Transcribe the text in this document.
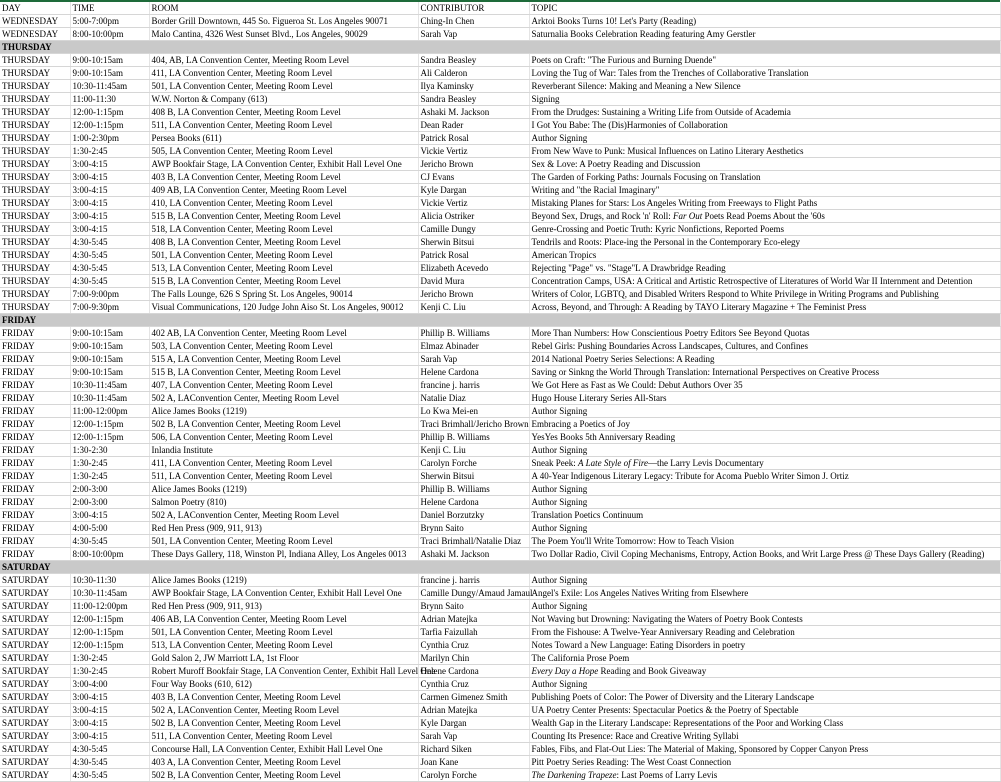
DAY	TIME	ROOM	CONTRIBUTOR	TOPIC
WEDNESDAY	5:00-7:00pm	Border Grill Downtown, 445 So. Figueroa St. Los Angeles 90071	Ching-In Chen	Arktoi Books Turns 10! Let's Party (Reading)
WEDNESDAY	8:00-10:00pm	Malo Cantina, 4326 West Sunset Blvd., Los Angeles, 90029	Sarah Vap	Saturnalia Books Celebration Reading featuring Amy Gerstler
THURSDAY				
THURSDAY	9:00-10:15am	404, AB, LA Convention Center, Meeting Room Level	Sandra Beasley	Poets on Craft: "The Furious and Burning Duende"
THURSDAY	9:00-10:15am	411, LA Convention Center, Meeting Room Level	Ali Calderon	Loving the Tug of War: Tales from the Trenches of Collaborative Translation
THURSDAY	10:30-11:45am	501, LA Convention Center, Meeting Room Level	Ilya Kaminsky	Reverberant Silence: Making and Meaning a New Silence
THURSDAY	11:00-11:30	W.W. Norton & Company (613)	Sandra Beasley	Signing
THURSDAY	12:00-1:15pm	408 B, LA Convention Center, Meeting Room Level	Ashaki M. Jackson	From the Drudges: Sustaining a Writing Life from Outside of Academia
THURSDAY	12:00-1:15pm	511, LA Convention Center, Meeting Room Level	Dean Rader	I Got You Babe: The (Dis)Harmonies of Collaboration
THURSDAY	1:00-2:30pm	Persea Books (611)	Patrick Rosal	Author Signing
THURSDAY	1:30-2:45	505, LA Convention Center, Meeting Room Level	Vickie Vertiz	From New Wave to Punk: Musical Influences on Latino Literary Aesthetics
THURSDAY	3:00-4:15	AWP Bookfair Stage, LA Convention Center, Exhibit Hall Level One	Jericho Brown	Sex & Love: A Poetry Reading and Discussion
THURSDAY	3:00-4:15	403 B, LA Convention Center, Meeting Room Level	CJ Evans	The Garden of Forking Paths: Journals Focusing on Translation
THURSDAY	3:00-4:15	409 AB, LA Convention Center, Meeting Room Level	Kyle Dargan	Writing and "the Racial Imaginary"
THURSDAY	3:00-4:15	410, LA Convention Center, Meeting Room Level	Vickie Vertiz	Mistaking Planes for Stars: Los Angeles Writing from Freeways to Flight Paths
THURSDAY	3:00-4:15	515 B, LA Convention Center, Meeting Room Level	Alicia Ostriker	Beyond Sex, Drugs, and Rock 'n' Roll: Far Out Poets Read Poems About the '60s
THURSDAY	3:00-4:15	518, LA Convention Center, Meeting Room Level	Camille Dungy	Genre-Crossing and Poetic Truth: Kyric Nonfictions, Reported Poems
THURSDAY	4:30-5:45	408 B, LA Convention Center, Meeting Room Level	Sherwin Bitsui	Tendrils and Roots: Place-ing the Personal in the Contemporary Eco-elegy
THURSDAY	4:30-5:45	501, LA Convention Center, Meeting Room Level	Patrick Rosal	American Tropics
THURSDAY	4:30-5:45	513, LA Convention Center, Meeting Room Level	Elizabeth Acevedo	Rejecting "Page" vs. "Stage"L A Drawbridge Reading
THURSDAY	4:30-5:45	515 B, LA Convention Center, Meeting Room Level	David Mura	Concentration Camps, USA: A Critical and Artistic Retrospective of Literatures of World War II Internment and Detention
THURSDAY	7:00-9:00pm	The Falls Lounge, 626 S Spring St. Los Angeles, 90014	Jericho Brown	Writers of Color, LGBTQ, and Disabled Writers Respond to White Privilege in Writing Programs and Publishing
THURSDAY	7:00-9:30pm	Visual Communications, 120 Judge John Aiso St. Los Angeles, 90012	Kenji C. Liu	Across, Beyond, and Through: A Reading by TAYO Literary Magazine + The Feminist Press
FRIDAY				
FRIDAY	9:00-10:15am	402 AB, LA Convention Center, Meeting Room Level	Phillip B. Williams	More Than Numbers: How Conscientious Poetry Editors See Beyond Quotas
FRIDAY	9:00-10:15am	503, LA Convention Center, Meeting Room Level	Elmaz Abinader	Rebel Girls: Pushing Boundaries Across Landscapes, Cultures, and Confines
FRIDAY	9:00-10:15am	515 A, LA Convention Center, Meeting Room Level	Sarah Vap	2014 National Poetry Series Selections: A Reading
FRIDAY	9:00-10:15am	515 B, LA Convention Center, Meeting Room Level	Helene Cardona	Saving or Sinkng the World Through Translation: International Perspectives on Creative Process
FRIDAY	10:30-11:45am	407, LA Convention Center, Meeting Room Level	francine j. harris	We Got Here as Fast as We Could: Debut Authors Over 35
FRIDAY	10:30-11:45am	502 A, LAConvention Center, Meeting Room Level	Natalie Diaz	Hugo House Literary Series All-Stars
FRIDAY	11:00-12:00pm	Alice James Books (1219)	Lo Kwa Mei-en	Author Signing
FRIDAY	12:00-1:15pm	502 B, LA Convention Center, Meeting Room Level	Traci Brimhall/Jericho Brown	Embracing a Poetics of Joy
FRIDAY	12:00-1:15pm	506, LA Convention Center, Meeting Room Level	Phillip B. Williams	YesYes Books 5th Anniversary Reading
FRIDAY	1:30-2:30	Inlandia Institute	Kenji C. Liu	Author Signing
FRIDAY	1:30-2:45	411, LA Convention Center, Meeting Room Level	Carolyn Forche	Sneak Peek: A Late Style of Fire—the Larry Levis Documentary
FRIDAY	1:30-2:45	511, LA Convention Center, Meeting Room Level	Sherwin Bitsui	A 40-Year Indigenous Literary Legacy: Tribute for Acoma Pueblo Writer Simon J. Ortiz
FRIDAY	2:00-3:00	Alice James Books (1219)	Phillip B. Williams	Author Signing
FRIDAY	2:00-3:00	Salmon Poetry (810)	Helene Cardona	Author Signing
FRIDAY	3:00-4:15	502 A, LAConvention Center, Meeting Room Level	Daniel Borzutzky	Translation Poetics Continuum
FRIDAY	4:00-5:00	Red Hen Press (909, 911, 913)	Brynn Saito	Author Signing
FRIDAY	4:30-5:45	501, LA Convention Center, Meeting Room Level	Traci Brimhall/Natalie Diaz	The Poem You'll Write Tomorrow: How to Teach Vision
FRIDAY	8:00-10:00pm	These Days Gallery, 118, Winston Pl, Indiana Alley, Los Angeles 0013	Ashaki M. Jackson	Two Dollar Radio, Civil Coping Mechanisms, Entropy, Action Books, and Writ Large Press @ These Days Gallery (Reading)
SATURDAY				
SATURDAY	10:30-11:30	Alice James Books (1219)	francine j. harris	Author Signing
SATURDAY	10:30-11:45am	AWP Bookfair Stage, LA Convention Center, Exhibit Hall Level One	Camille Dungy/Amaud Jamaul	Angel's Exile: Los Angeles Natives Writing from Elsewhere
SATURDAY	11:00-12:00pm	Red Hen Press (909, 911, 913)	Brynn Saito	Author Signing
SATURDAY	12:00-1:15pm	406 AB, LA Convention Center, Meeting Room Level	Adrian Matejka	Not Waving but Drowning: Navigating the Waters of Poetry Book Contests
SATURDAY	12:00-1:15pm	501, LA Convention Center, Meeting Room Level	Tarfia Faizullah	From the Fishouse: A Twelve-Year Anniversary Reading and Celebration
SATURDAY	12:00-1:15pm	513, LA Convention Center, Meeting Room Level	Cynthia Cruz	Notes Toward a New Language: Eating Disorders in poetry
SATURDAY	1:30-2:45	Gold Salon 2, JW Marriott LA, 1st Floor	Marilyn Chin	The California Prose Poem
SATURDAY	1:30-2:45	Robert Muroff Bookfair Stage, LA Convention Center, Exhibit Hall Level One	Helene Cardona	Every Day a Hope Reading and Book Giveaway
SATURDAY	3:00-4:00	Four Way Books (610, 612)	Cynthia Cruz	Author Signing
SATURDAY	3:00-4:15	403 B, LA Convention Center, Meeting Room Level	Carmen Gimenez Smith	Publishing Poets of Color: The Power of Diversity and the Literary Landscape
SATURDAY	3:00-4:15	502 A, LAConvention Center, Meeting Room Level	Adrian Matejka	UA Poetry Center Presents: Spectacular Poetics & the Poetry of Spectable
SATURDAY	3:00-4:15	502 B, LA Convention Center, Meeting Room Level	Kyle Dargan	Wealth Gap in the Literary Landscape: Representations of the Poor and Working Class
SATURDAY	3:00-4:15	511, LA Convention Center, Meeting Room Level	Sarah Vap	Counting Its Presence: Race and Creative Writing Syllabi
SATURDAY	4:30-5:45	Concourse Hall, LA Convention Center, Exhibit Hall Level One	Richard Siken	Fables, Fibs, and Flat-Out Lies: The Material of Making, Sponsored by Copper Canyon Press
SATURDAY	4:30-5:45	403 A, LA Convention Center, Meeting Room Level	Joan Kane	Pitt Poetry Series Reading: The West Coast Connection
SATURDAY	4:30-5:45	502 B, LA Convention Center, Meeting Room Level	Carolyn Forche	The Darkening Trapeze: Last Poems of Larry Levis
